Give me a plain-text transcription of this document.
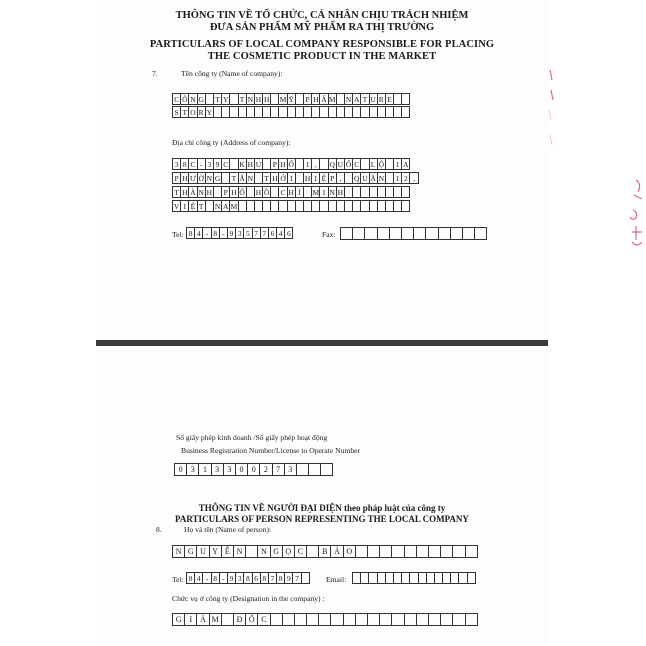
THÔNG TIN VỀ TỔ CHỨC, CÁ NHÂN CHỊU TRÁCH NHIỆM
ĐƯA SẢN PHẨM MỸ PHẨM RA THỊ TRƯỜNG
PARTICULARS OF LOCAL COMPANY RESPONSIBLE FOR PLACING
THE COSMETIC PRODUCT IN THE MARKET
7.	Tên công ty (Name of company):
C Ô N G	T Y	T N H H M Ỹ	P H Ẩ M N A T U R E
S T O R Y
Địa chỉ công ty (Address of company):
3 8 C - 3 9 C K H U	P H Ố	1 ,	Q U Ố C	L Ộ	1 A
P H Ư Ờ N G	T Â N	T H Ớ I	H I Ệ P ,	Q U Ậ N	1 2 ,
T H À N H	P H Ố H Ồ C H Í	M I N H
V I Ệ T	N A M
Tel: 8 4 - 8 - 9 3 5 7 7 6 4 6	Fax:
Số giấy phép kinh doanh /Số giấy phép hoạt động
Business Registration Number/License to Operate Number
0	3	1	3	3	0	0	2	7	3
THÔNG TIN VỀ NGƯỜI ĐẠI DIỆN theo pháp luật của công ty
PARTICULARS OF PERSON REPRESENTING THE LOCAL COMPANY
8.	Họ và tên (Name of person):
N G U Y Ễ N	N G Ọ C	B Ả O
Tel: 8 4 - 8 - 9 3 8 6 8 7 8 9 7	Email:
Chức vụ ở công ty (Designation in the company) :
G I Á M	Đ Ố C
